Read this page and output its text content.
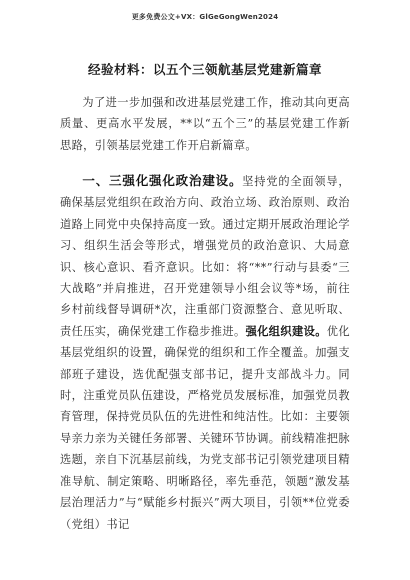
更多免费公文+VX：GlGeGongWen2024
经验材料：以五个三领航基层党建新篇章

为了进一步加强和改进基层党建工作，推动其向更高质量、更高水平发展，**以“五个三”的基层党建工作新思路，引领基层党建工作开启新篇章。

一、三强化强化政治建设。坚持党的全面领导，确保基层党组织在政治方向、政治立场、政治原则、政治道路上同党中央保持高度一致。通过定期开展政治理论学习、组织生活会等形式，增强党员的政治意识、大局意识、核心意识、看齐意识。比如：将“**”行动与县委“三大战略”并肩推进，召开党建领导小组会议等*场，前往乡村前线督导调研*次，注重部门资源整合、意见听取、责任压实，确保党建工作稳步推进。强化组织建设。优化基层党组织的设置，确保党的组织和工作全覆盖。加强支部班子建设，选优配强支部书记，提升支部战斗力。同时，注重党员队伍建设，严格党员发展标准，加强党员教育管理，保持党员队伍的先进性和纯洁性。比如：主要领导亲力亲为关键任务部署、关键环节协调。前线精准把脉选题，亲自下沉基层前线，为党支部书记引领党建项目精准导航、制定策略、明晰路径，率先垂范，领题“激发基层治理活力”与“赋能乡村振兴”两大项目，引领**位党委（党组）书记
